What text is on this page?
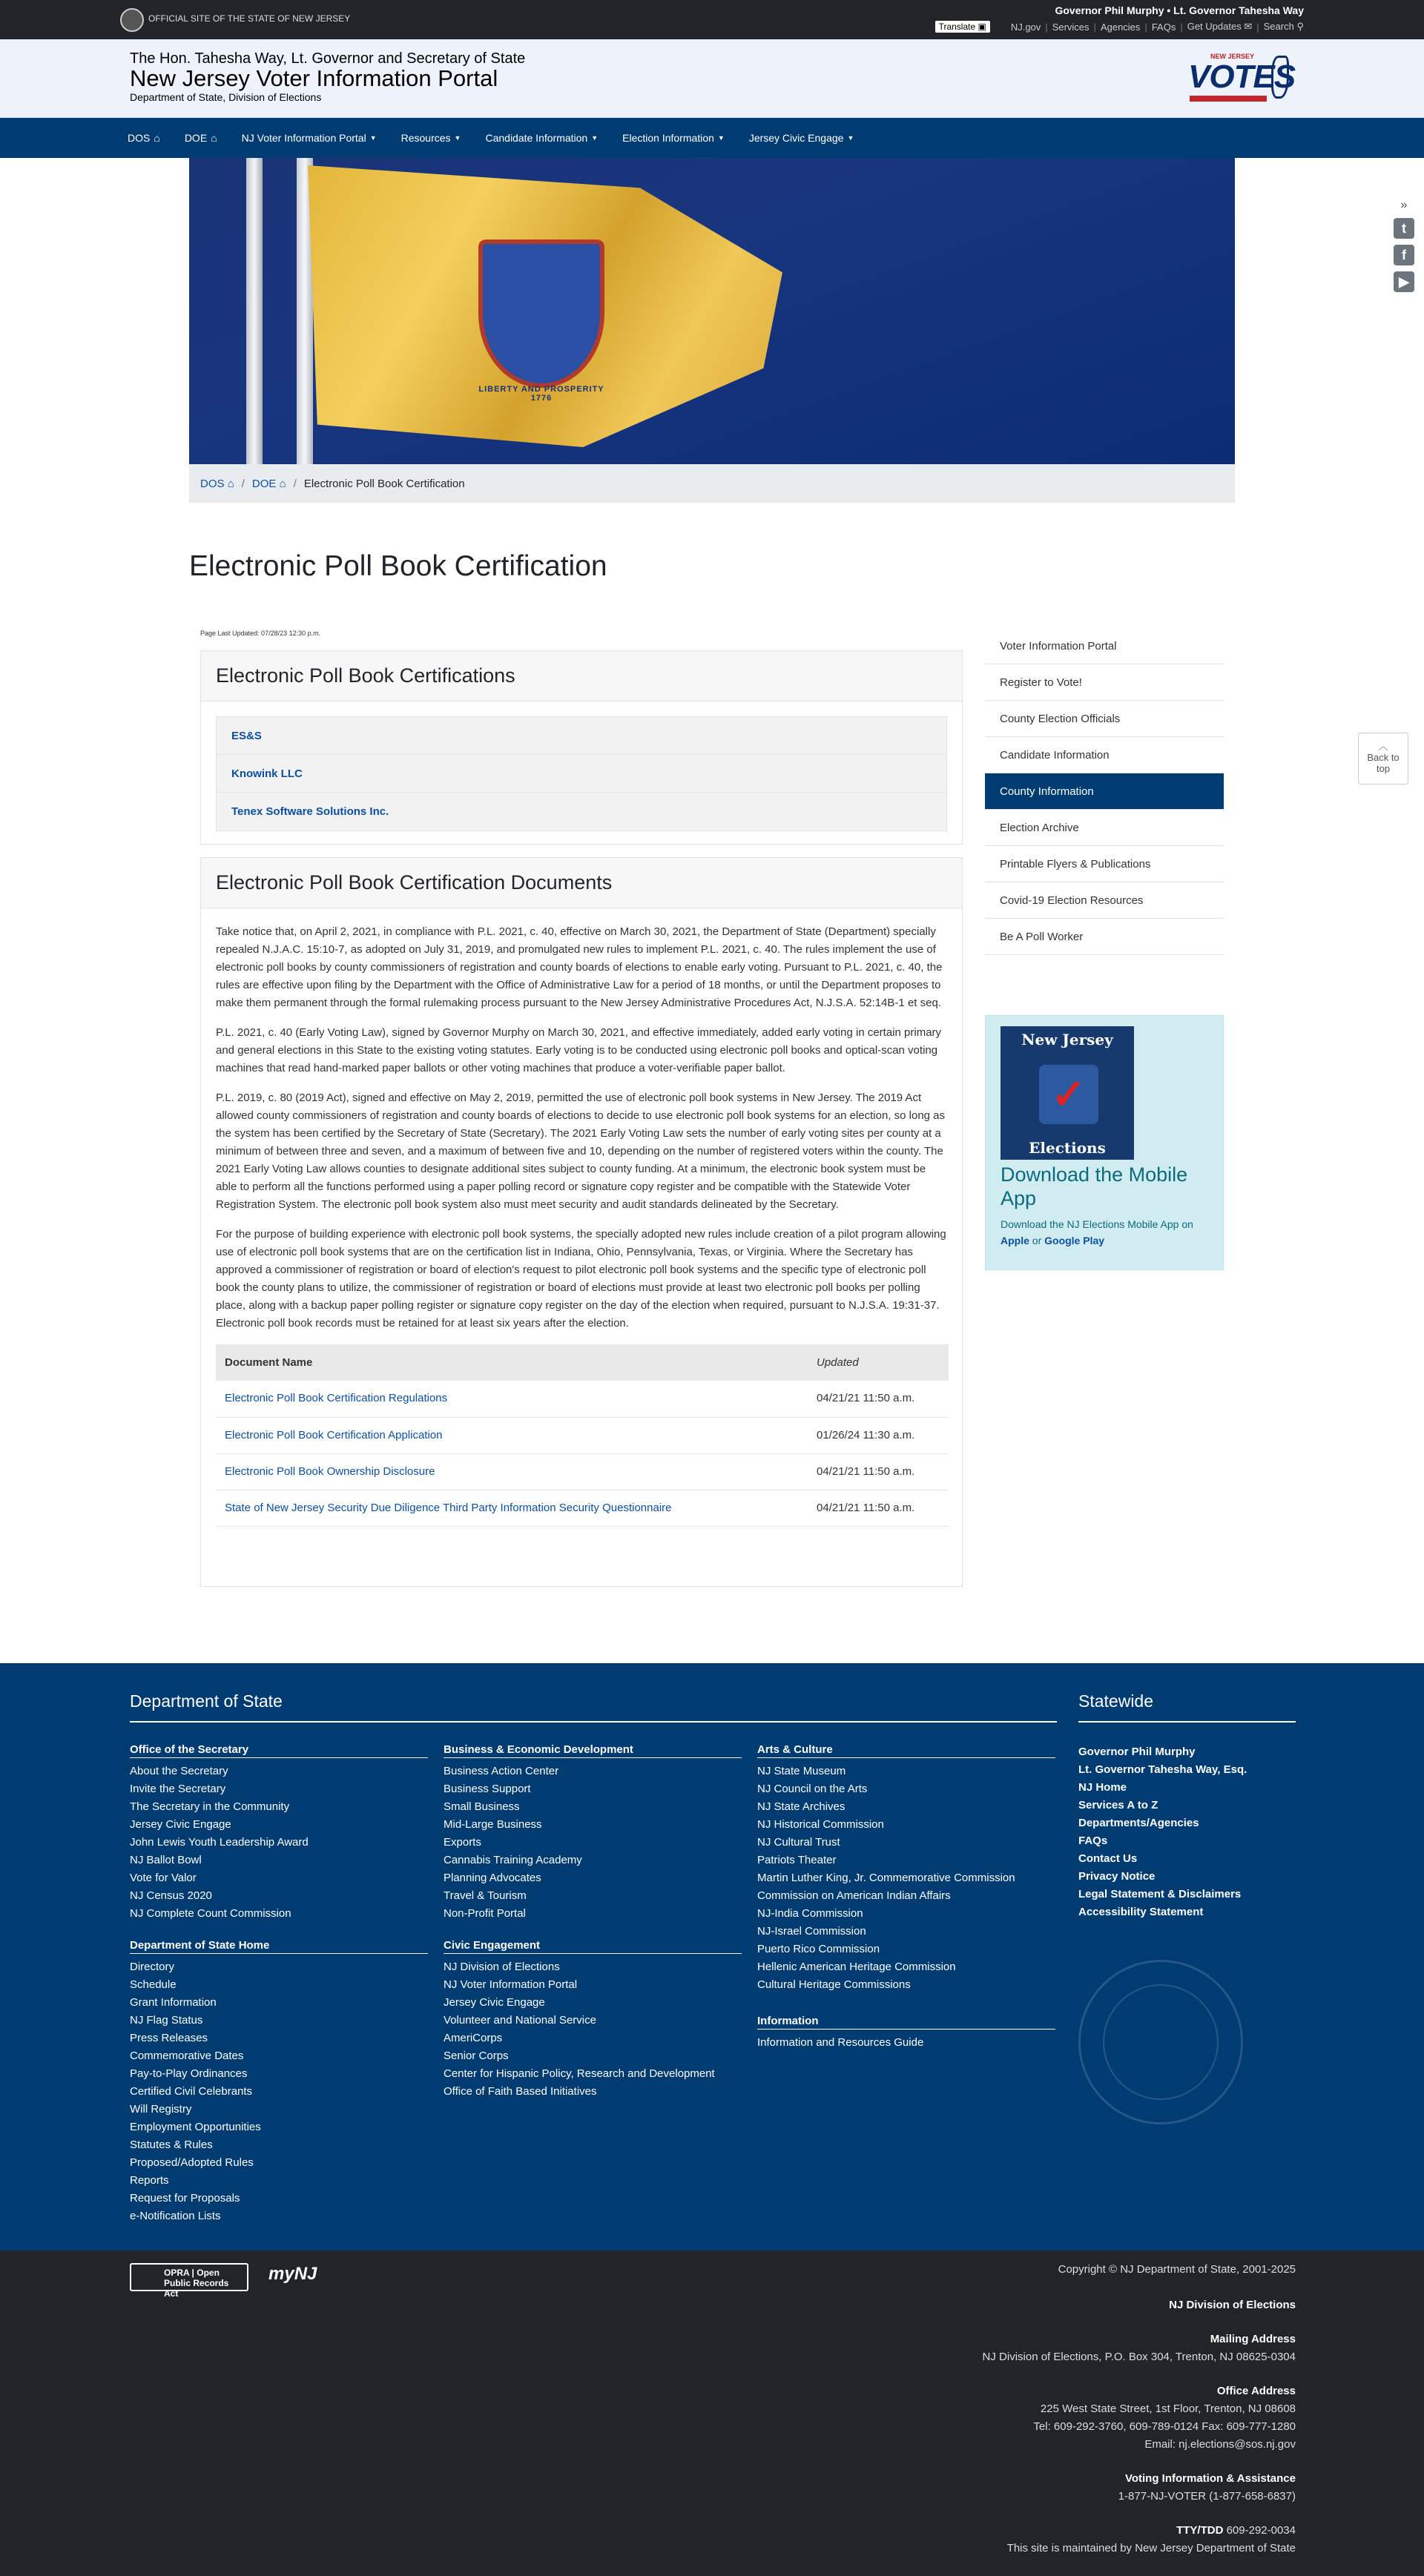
OFFICIAL SITE OF THE STATE OF NEW JERSEY
Governor Phil Murphy • Lt. Governor Tahesha Way
Translate ▣	NJ.gov | Services | Agencies | FAQs | Get Updates ✉ | Search ⚲
The Hon. Tahesha Way, Lt. Governor and Secretary of State
New Jersey Voter Information Portal
Department of State, Division of Elections
NEW JERSEY
VOTES
DOS ⌂ DOE ⌂ NJ Voter Information Portal ▼ Resources ▼ Candidate Information ▼ Election Information ▼ Jersey Civic Engage ▼
LIBERTY AND PROSPERITY
1776
DOS ⌂ / DOE ⌂ / Electronic Poll Book Certification
Electronic Poll Book Certification
Page Last Updated: 07/28/23 12:30 p.m.
Electronic Poll Book Certifications
ES&S
Knowink LLC
Tenex Software Solutions Inc.
Electronic Poll Book Certification Documents

Take notice that, on April 2, 2021, in compliance with P.L. 2021, c. 40, effective on March 30, 2021, the Department of State (Department) specially repealed N.J.A.C. 15:10-7, as adopted on July 31, 2019, and promulgated new rules to implement P.L. 2021, c. 40. The rules implement the use of electronic poll books by county commissioners of registration and county boards of elections to enable early voting. Pursuant to P.L. 2021, c. 40, the rules are effective upon filing by the Department with the Office of Administrative Law for a period of 18 months, or until the Department proposes to make them permanent through the formal rulemaking process pursuant to the New Jersey Administrative Procedures Act, N.J.S.A. 52:14B-1 et seq.

P.L. 2021, c. 40 (Early Voting Law), signed by Governor Murphy on March 30, 2021, and effective immediately, added early voting in certain primary and general elections in this State to the existing voting statutes. Early voting is to be conducted using electronic poll books and optical-scan voting machines that read hand-marked paper ballots or other voting machines that produce a voter-verifiable paper ballot.

P.L. 2019, c. 80 (2019 Act), signed and effective on May 2, 2019, permitted the use of electronic poll book systems in New Jersey. The 2019 Act allowed county commissioners of registration and county boards of elections to decide to use electronic poll book systems for an election, so long as the system has been certified by the Secretary of State (Secretary). The 2021 Early Voting Law sets the number of early voting sites per county at a minimum of between three and seven, and a maximum of between five and 10, depending on the number of registered voters within the county. The 2021 Early Voting Law allows counties to designate additional sites subject to county funding. At a minimum, the electronic book system must be able to perform all the functions performed using a paper polling record or signature copy register and be compatible with the Statewide Voter Registration System. The electronic poll book system also must meet security and audit standards delineated by the Secretary.

For the purpose of building experience with electronic poll book systems, the specially adopted new rules include creation of a pilot program allowing use of electronic poll book systems that are on the certification list in Indiana, Ohio, Pennsylvania, Texas, or Virginia. Where the Secretary has approved a commissioner of registration or board of election's request to pilot electronic poll book systems and the specific type of electronic poll book the county plans to utilize, the commissioner of registration or board of elections must provide at least two electronic poll books per polling place, along with a backup paper polling register or signature copy register on the day of the election when required, pursuant to N.J.S.A. 19:31-37. Electronic poll book records must be retained for at least six years after the election.

Document Name	Updated
Electronic Poll Book Certification Regulations	04/21/21 11:50 a.m.
Electronic Poll Book Certification Application	01/26/24 11:30 a.m.
Electronic Poll Book Ownership Disclosure	04/21/21 11:50 a.m.
State of New Jersey Security Due Diligence Third Party Information Security Questionnaire	04/21/21 11:50 a.m.
Voter Information Portal
Register to Vote!
County Election Officials
Candidate Information
County Information
Election Archive
Printable Flyers & Publications
Covid-19 Election Resources
Be A Poll Worker
New Jersey
✓
Elections
Download the Mobile App
Download the NJ Elections Mobile App on Apple or Google Play
»
t
f
▶
︿
Back to top
Department of State	Statewide
Office of the Secretary
About the Secretary
Invite the Secretary
The Secretary in the Community
Jersey Civic Engage
John Lewis Youth Leadership Award
NJ Ballot Bowl
Vote for Valor
NJ Census 2020
NJ Complete Count Commission
Department of State Home
Directory
Schedule
Grant Information
NJ Flag Status
Press Releases
Commemorative Dates
Pay-to-Play Ordinances
Certified Civil Celebrants
Will Registry
Employment Opportunities
Statutes & Rules
Proposed/Adopted Rules
Reports
Request for Proposals
e-Notification Lists
Business & Economic Development
Business Action Center
Business Support
Small Business
Mid-Large Business
Exports
Cannabis Training Academy
Planning Advocates
Travel & Tourism
Non-Profit Portal
Civic Engagement
NJ Division of Elections
NJ Voter Information Portal
Jersey Civic Engage
Volunteer and National Service
AmeriCorps
Senior Corps
Center for Hispanic Policy, Research and Development
Office of Faith Based Initiatives
Arts & Culture
NJ State Museum
NJ Council on the Arts
NJ State Archives
NJ Historical Commission
NJ Cultural Trust
Patriots Theater
Martin Luther King, Jr. Commemorative Commission
Commission on American Indian Affairs
NJ-India Commission
NJ-Israel Commission
Puerto Rico Commission
Hellenic American Heritage Commission
Cultural Heritage Commissions
Information
Information and Resources Guide
Governor Phil Murphy
Lt. Governor Tahesha Way, Esq.
NJ Home
Services A to Z
Departments/Agencies
FAQs
Contact Us
Privacy Notice
Legal Statement & Disclaimers
Accessibility Statement
OPRA | Open Public Records Act
myNJ	Copyright © NJ Department of State, 2001-2025
NJ Division of Elections
Mailing Address
NJ Division of Elections, P.O. Box 304, Trenton, NJ 08625-0304
Office Address
225 West State Street, 1st Floor, Trenton, NJ 08608
Tel: 609-292-3760, 609-789-0124 Fax: 609-777-1280
Email: nj.elections@sos.nj.gov
Voting Information & Assistance
1-877-NJ-VOTER (1-877-658-6837)
TTY/TDD 609-292-0034
This site is maintained by New Jersey Department of State
